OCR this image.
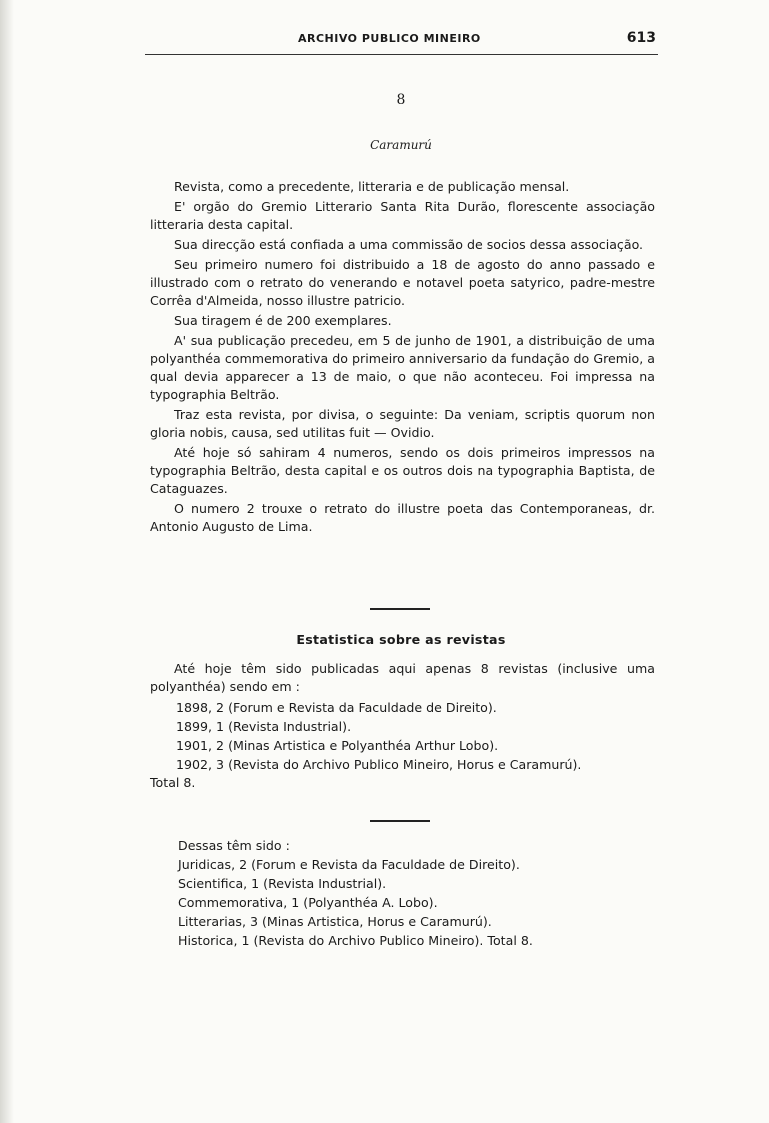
ARCHIVO PUBLICO MINEIRO	613
8
Caramurú

Revista, como a precedente, litteraria e de publicação mensal.

E' orgão do Gremio Litterario Santa Rita Durão, florescente associação litteraria desta capital.

Sua direcção está confiada a uma commissão de socios dessa associação.

Seu primeiro numero foi distribuido a 18 de agosto do anno passado e illustrado com o retrato do venerando e notavel poeta satyrico, padre-mestre Corrêa d'Almeida, nosso illustre patricio.

Sua tiragem é de 200 exemplares.

A' sua publicação precedeu, em 5 de junho de 1901, a distribuição de uma polyanthéa commemorativa do primeiro anniversario da fundação do Gremio, a qual devia apparecer a 13 de maio, o que não aconteceu. Foi impressa na typographia Beltrão.

Traz esta revista, por divisa, o seguinte: Da veniam, scriptis quorum non gloria nobis, causa, sed utilitas fuit — Ovidio.

Até hoje só sahiram 4 numeros, sendo os dois primeiros impressos na typographia Beltrão, desta capital e os outros dois na typographia Baptista, de Cataguazes.

O numero 2 trouxe o retrato do illustre poeta das Contemporaneas, dr. Antonio Augusto de Lima.

Estatistica sobre as revistas

Até hoje têm sido publicadas aqui apenas 8 revistas (inclusive uma polyanthéa) sendo em :

1898, 2 (Forum e Revista da Faculdade de Direito).
1899, 1 (Revista Industrial).
1901, 2 (Minas Artistica e Polyanthéa Arthur Lobo).
1902, 3 (Revista do Archivo Publico Mineiro, Horus e Caramurú).
Total 8.
Dessas têm sido :
Juridicas, 2 (Forum e Revista da Faculdade de Direito).
Scientifica, 1 (Revista Industrial).
Commemorativa, 1 (Polyanthéa A. Lobo).
Litterarias, 3 (Minas Artistica, Horus e Caramurú).
Historica, 1 (Revista do Archivo Publico Mineiro). Total 8.
